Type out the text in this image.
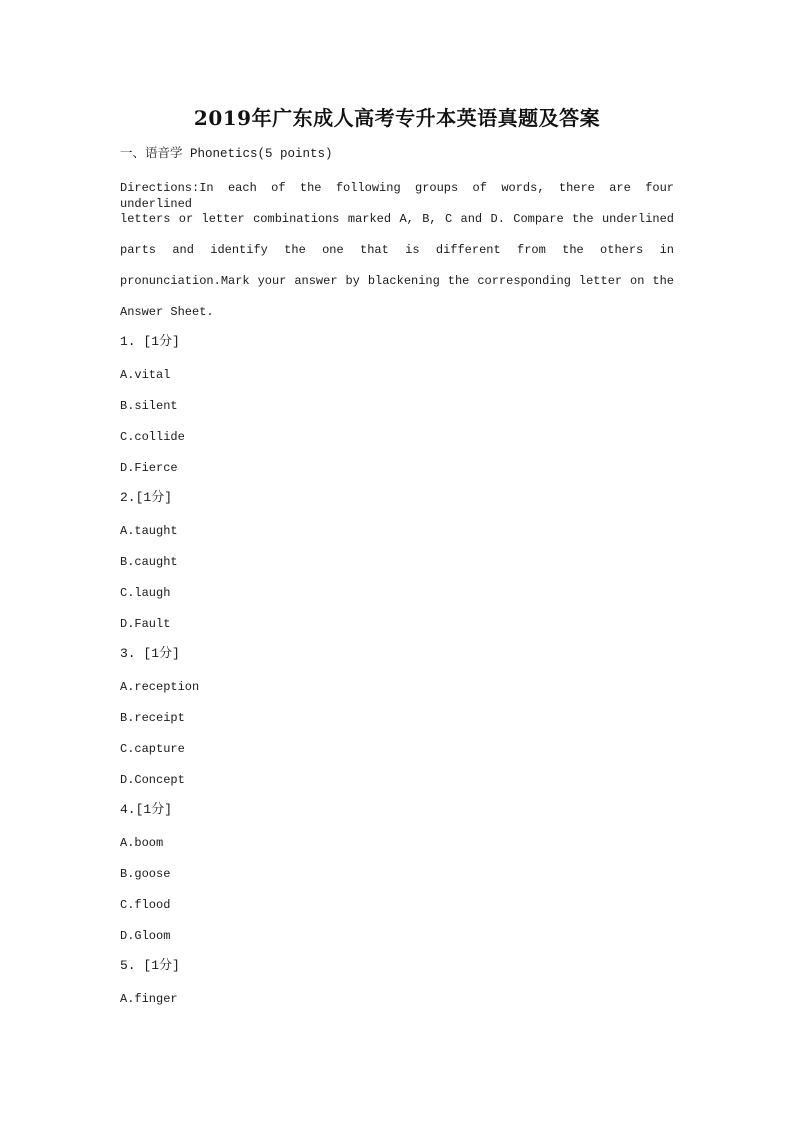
2019年广东成人高考专升本英语真题及答案
一、语音学 Phonetics(5 points)
Directions:In each of the following groups of words, there are four underlined
letters or letter combinations marked A, B, C and D. Compare the underlined
parts and identify the one that is different from the others in
pronunciation.Mark your answer by blackening the corresponding letter on the
Answer Sheet.
1. [1分]
A.vital
B.silent
C.collide
D.Fierce
2.[1分]
A.taught
B.caught
C.laugh
D.Fault
3. [1分]
A.reception
B.receipt
C.capture
D.Concept
4.[1分]
A.boom
B.goose
C.flood
D.Gloom
5. [1分]
A.finger
